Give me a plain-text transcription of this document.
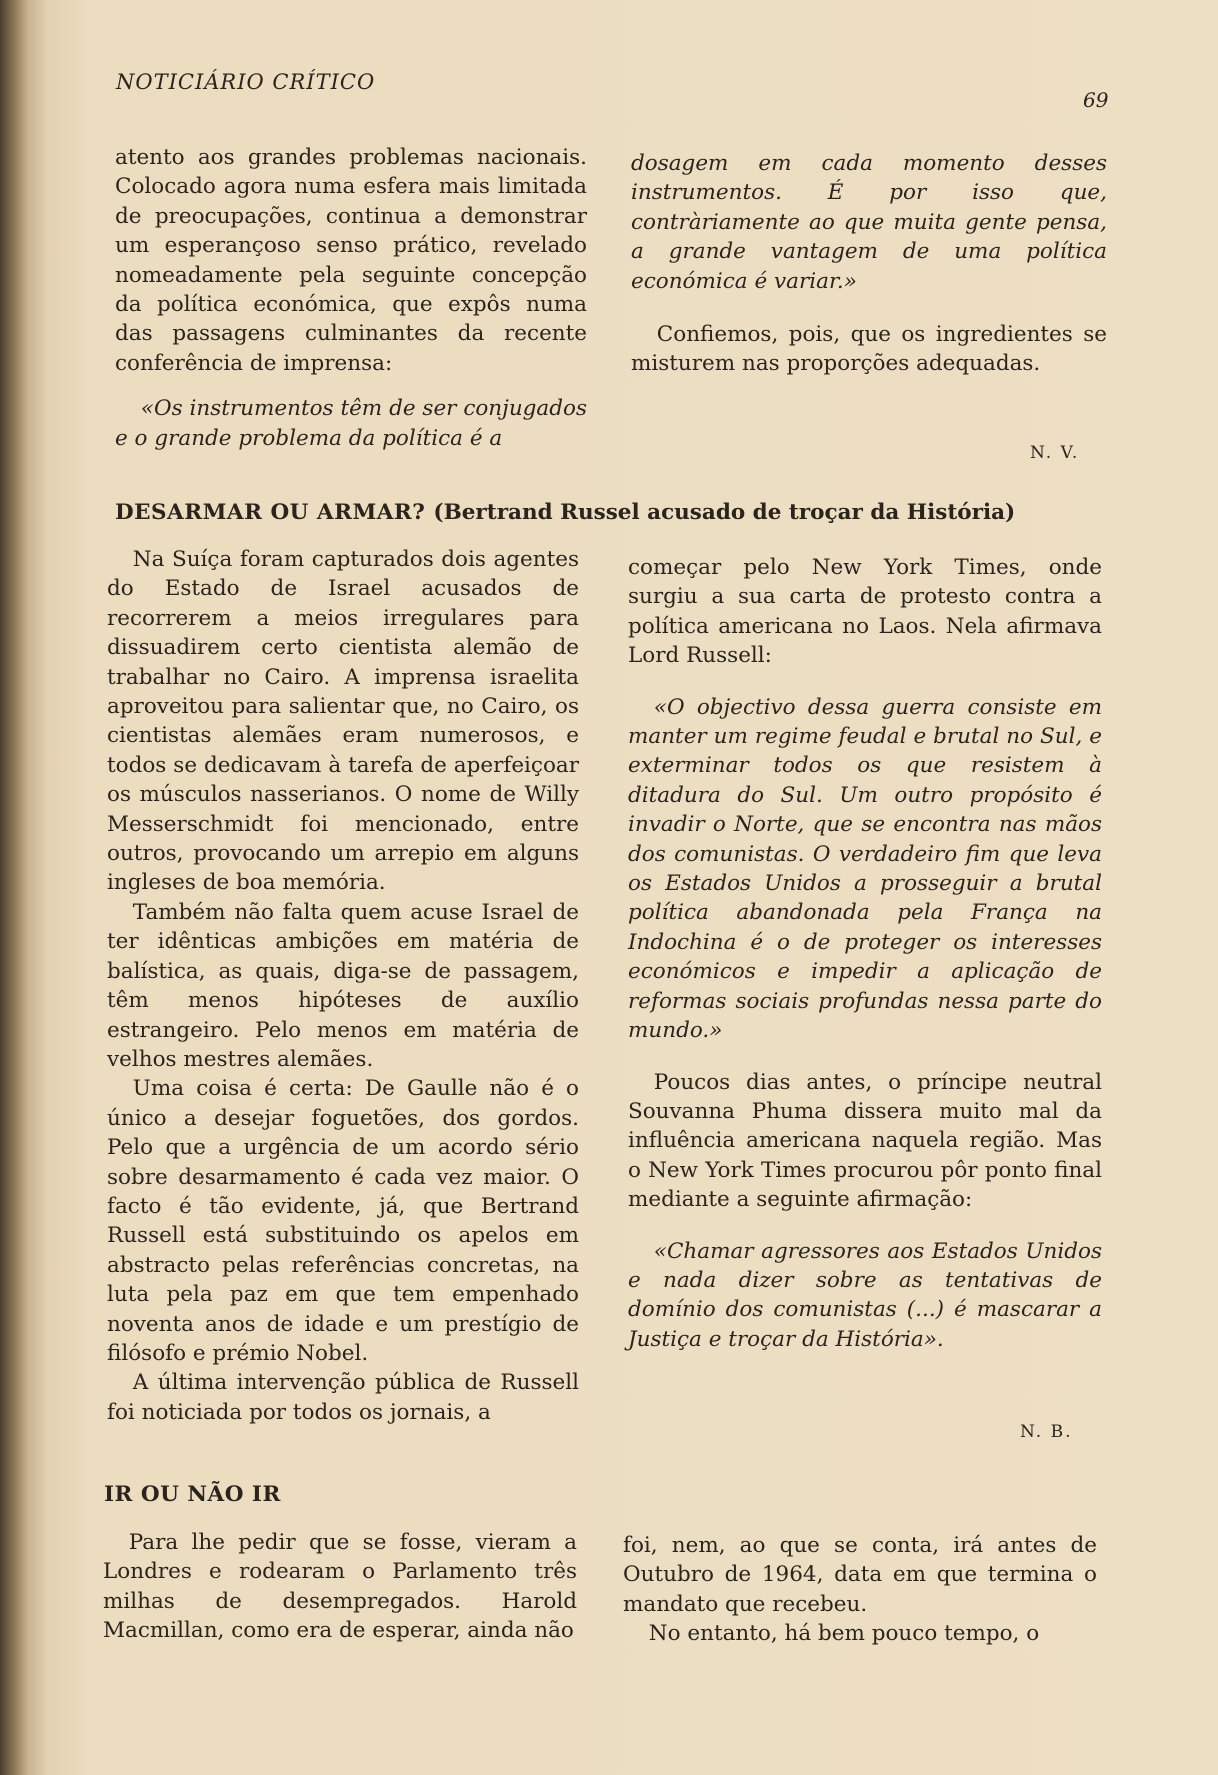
NOTICIÁRIO CRÍTICO
69

atento aos grandes problemas nacionais. Colocado agora numa esfera mais limitada de preocupações, continua a demonstrar um esperançoso senso prático, revelado nomeadamente pela seguinte concepção da política económica, que expôs numa das passagens culminantes da recente conferência de imprensa:

«Os instrumentos têm de ser conjugados e o grande problema da política é a

dosagem em cada momento desses instrumentos. É por isso que, contràriamente ao que muita gente pensa, a grande vantagem de uma política económica é variar.»

Confiemos, pois, que os ingredientes se misturem nas proporções adequadas.

N. V.
DESARMAR OU ARMAR? (Bertrand Russel acusado de troçar da História)

Na Suíça foram capturados dois agentes do Estado de Israel acusados de recorrerem a meios irregulares para dissuadirem certo cientista alemão de trabalhar no Cairo. A imprensa israelita aproveitou para salientar que, no Cairo, os cientistas alemães eram numerosos, e todos se dedicavam à tarefa de aperfeiçoar os músculos nasserianos. O nome de Willy Messerschmidt foi mencionado, entre outros, provocando um arrepio em alguns ingleses de boa memória.

Também não falta quem acuse Israel de ter idênticas ambições em matéria de balística, as quais, diga-se de passagem, têm menos hipóteses de auxílio estrangeiro. Pelo menos em matéria de velhos mestres alemães.

Uma coisa é certa: De Gaulle não é o único a desejar foguetões, dos gordos. Pelo que a urgência de um acordo sério sobre desarmamento é cada vez maior. O facto é tão evidente, já, que Bertrand Russell está substituindo os apelos em abstracto pelas referências concretas, na luta pela paz em que tem empenhado noventa anos de idade e um prestígio de filósofo e prémio Nobel.

A última intervenção pública de Russell foi noticiada por todos os jornais, a

começar pelo New York Times, onde surgiu a sua carta de protesto contra a política americana no Laos. Nela afirmava Lord Russell:

«O objectivo dessa guerra consiste em manter um regime feudal e brutal no Sul, e exterminar todos os que resistem à ditadura do Sul. Um outro propósito é invadir o Norte, que se encontra nas mãos dos comunistas. O verdadeiro fim que leva os Estados Unidos a prosseguir a brutal política abandonada pela França na Indochina é o de proteger os interesses económicos e impedir a aplicação de reformas sociais profundas nessa parte do mundo.»

Poucos dias antes, o príncipe neutral Souvanna Phuma dissera muito mal da influência americana naquela região. Mas o New York Times procurou pôr ponto final mediante a seguinte afirmação:

«Chamar agressores aos Estados Unidos e nada dizer sobre as tentativas de domínio dos comunistas (...) é mascarar a Justiça e troçar da História».

N. B.
IR OU NÃO IR

Para lhe pedir que se fosse, vieram a Londres e rodearam o Parlamento três milhas de desempregados. Harold Macmillan, como era de esperar, ainda não

foi, nem, ao que se conta, irá antes de Outubro de 1964, data em que termina o mandato que recebeu.

No entanto, há bem pouco tempo, o
